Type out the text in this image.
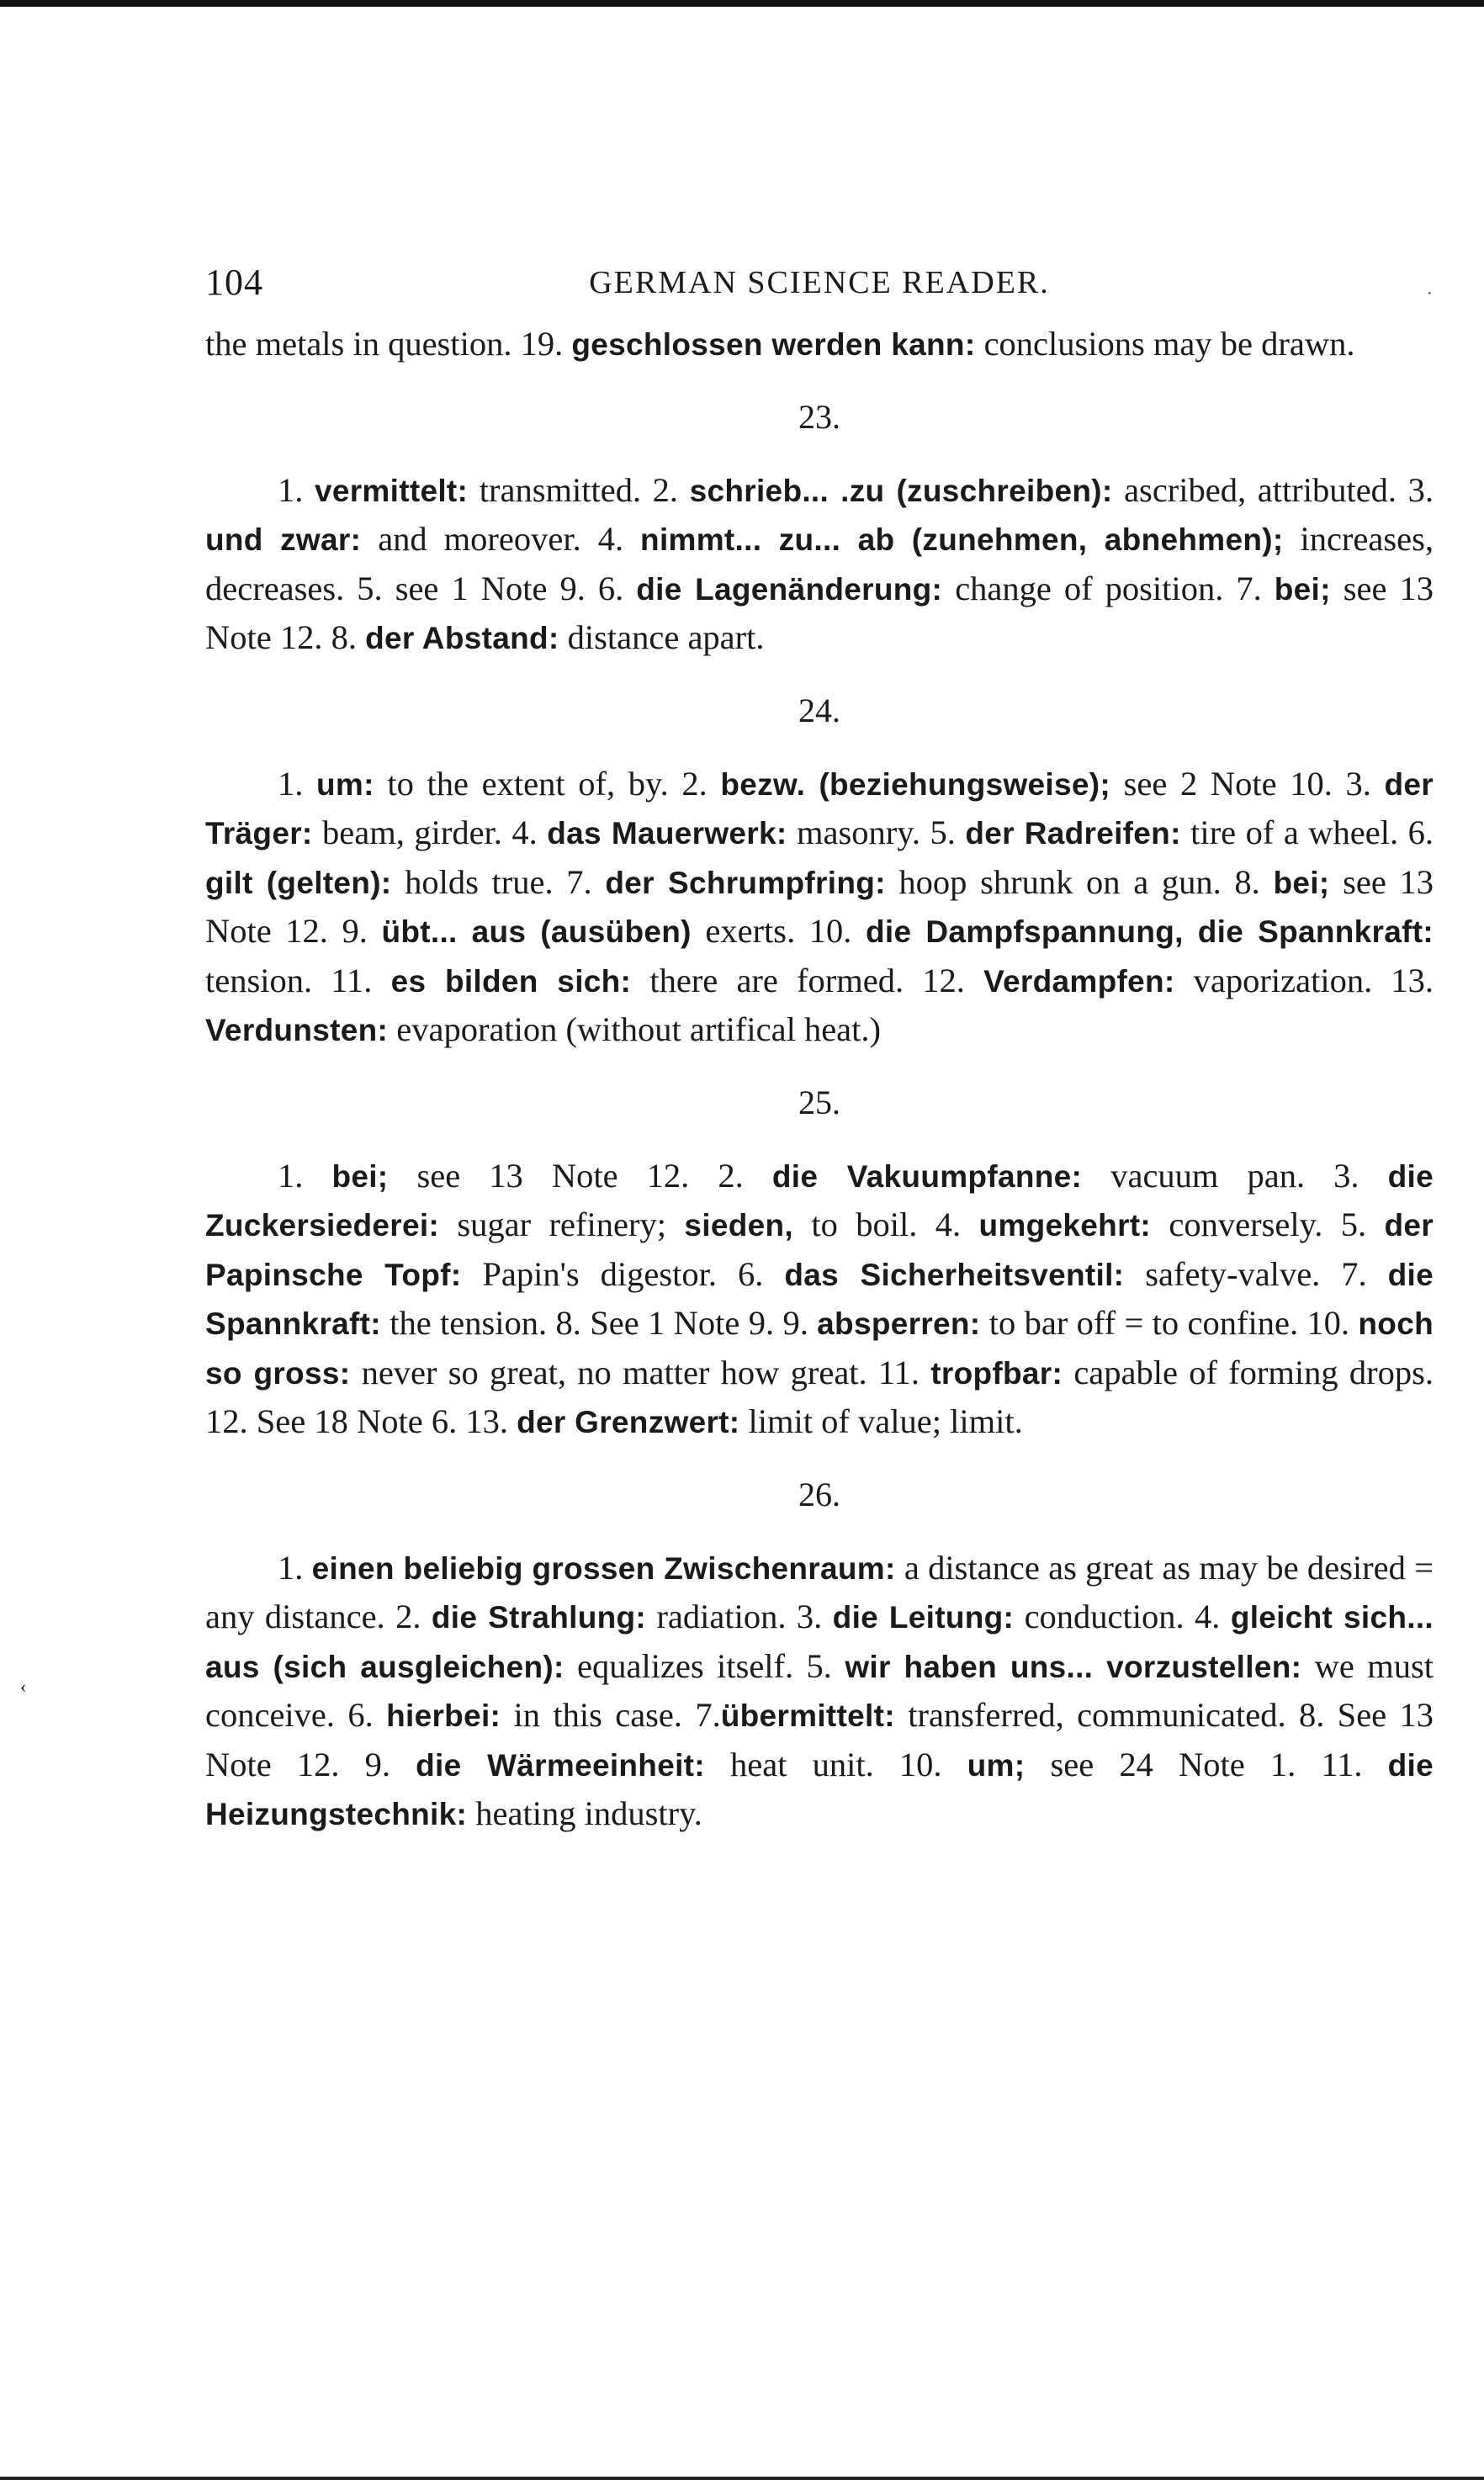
·
‹
104	GERMAN SCIENCE READER.

the metals in question. 19. geschlossen werden kann: conclusions may be drawn.

23.

1. vermittelt: transmitted. 2. schrieb... .zu (zuschreiben): ascribed, attributed. 3. und zwar: and moreover. 4. nimmt... zu... ab (zunehmen, abnehmen); increases, decreases. 5. see 1 Note 9. 6. die Lagenänderung: change of position. 7. bei; see 13 Note 12. 8. der Abstand: distance apart.

24.

1. um: to the extent of, by. 2. bezw. (beziehungsweise); see 2 Note 10. 3. der Träger: beam, girder. 4. das Mauerwerk: masonry. 5. der Radreifen: tire of a wheel. 6. gilt (gelten): holds true. 7. der Schrumpfring: hoop shrunk on a gun. 8. bei; see 13 Note 12. 9. übt... aus (ausüben) exerts. 10. die Dampfspannung, die Spannkraft: tension. 11. es bilden sich: there are formed. 12. Verdampfen: vaporization. 13. Verdunsten: evaporation (without artifical heat.)

25.

1. bei; see 13 Note 12. 2. die Vakuumpfanne: vacuum pan. 3. die Zuckersiederei: sugar refinery; sieden, to boil. 4. umgekehrt: conversely. 5. der Papinsche Topf: Papin's digestor. 6. das Sicherheitsventil: safety-valve. 7. die Spannkraft: the tension. 8. See 1 Note 9. 9. absperren: to bar off = to confine. 10. noch so gross: never so great, no matter how great. 11. tropfbar: capable of forming drops. 12. See 18 Note 6. 13. der Grenzwert: limit of value; limit.

26.

1. einen beliebig grossen Zwischenraum: a distance as great as may be desired = any distance. 2. die Strahlung: radiation. 3. die Leitung: conduction. 4. gleicht sich... aus (sich ausgleichen): equalizes itself. 5. wir haben uns... vorzustellen: we must conceive. 6. hierbei: in this case. 7.übermittelt: transferred, communicated. 8. See 13 Note 12. 9. die Wärmeeinheit: heat unit. 10. um; see 24 Note 1. 11. die Heizungstechnik: heating industry.
